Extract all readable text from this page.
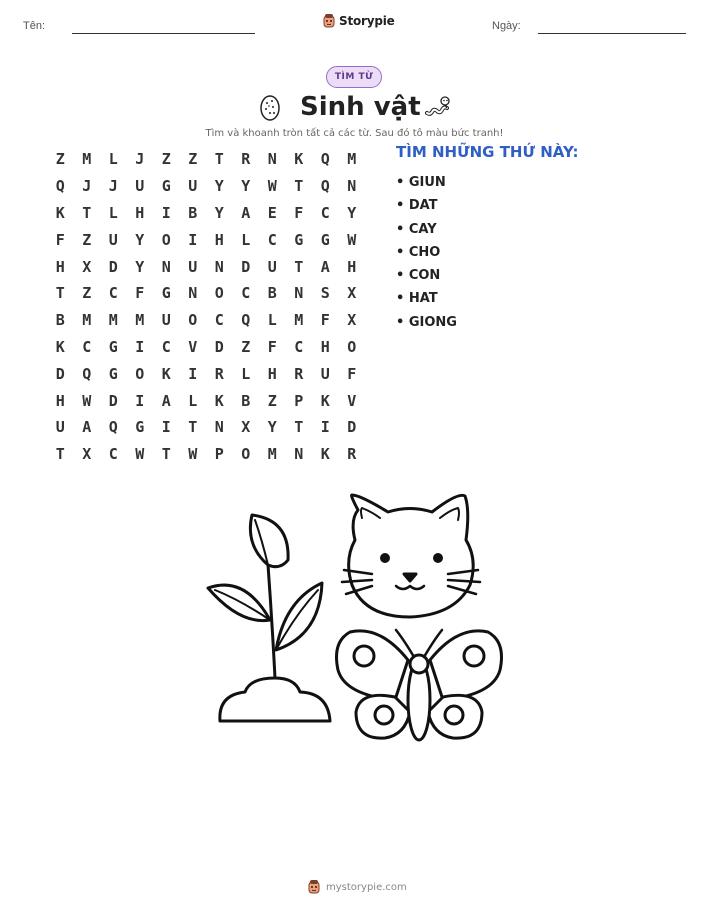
Tên:	Storypie	Ngày:
TÌM TỪ
Sinh vật
Tìm và khoanh tròn tất cả các từ. Sau đó tô màu bức tranh!
Z	M	L	J	Z	Z	T	R	N	K	Q	M
Q	J	J	U	G	U	Y	Y	W	T	Q	N
K	T	L	H	I	B	Y	A	E	F	C	Y
F	Z	U	Y	O	I	H	L	C	G	G	W
H	X	D	Y	N	U	N	D	U	T	A	H
T	Z	C	F	G	N	O	C	B	N	S	X
B	M	M	M	U	O	C	Q	L	M	F	X
K	C	G	I	C	V	D	Z	F	C	H	O
D	Q	G	O	K	I	R	L	H	R	U	F
H	W	D	I	A	L	K	B	Z	P	K	V
U	A	Q	G	I	T	N	X	Y	T	I	D
T	X	C	W	T	W	P	O	M	N	K	R
TÌM NHỮNG THỨ NÀY:
• GIUN
• DAT
• CAY
• CHO
• CON
• HAT
• GIONG
mystorypie.com
